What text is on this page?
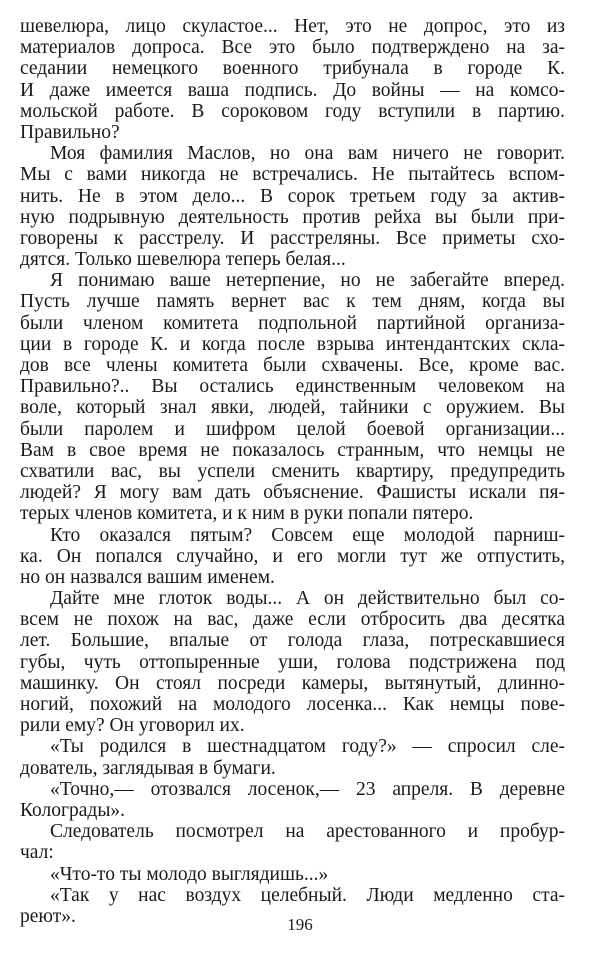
шевелюра, лицо скуластое... Нет, это не допрос, это из
материалов допроса. Все это было подтверждено на за-
седании немецкого военного трибунала в городе К.
И даже имеется ваша подпись. До войны — на комсо-
мольской работе. В сороковом году вступили в партию.
Правильно?
Моя фамилия Маслов, но она вам ничего не говорит.
Мы с вами никогда не встречались. Не пытайтесь вспом-
нить. Не в этом дело... В сорок третьем году за актив-
ную подрывную деятельность против рейха вы были при-
говорены к расстрелу. И расстреляны. Все приметы схо-
дятся. Только шевелюра теперь белая...
Я понимаю ваше нетерпение, но не забегайте вперед.
Пусть лучше память вернет вас к тем дням, когда вы
были членом комитета подпольной партийной организа-
ции в городе К. и когда после взрыва интендантских скла-
дов все члены комитета были схвачены. Все, кроме вас.
Правильно?.. Вы остались единственным человеком на
воле, который знал явки, людей, тайники с оружием. Вы
были паролем и шифром целой боевой организации...
Вам в свое время не показалось странным, что немцы не
схватили вас, вы успели сменить квартиру, предупредить
людей? Я могу вам дать объяснение. Фашисты искали пя-
терых членов комитета, и к ним в руки попали пятеро.
Кто оказался пятым? Совсем еще молодой парниш-
ка. Он попался случайно, и его могли тут же отпустить,
но он назвался вашим именем.
Дайте мне глоток воды... А он действительно был со-
всем не похож на вас, даже если отбросить два десятка
лет. Большие, впалые от голода глаза, потрескавшиеся
губы, чуть оттопыренные уши, голова подстрижена под
машинку. Он стоял посреди камеры, вытянутый, длинно-
ногий, похожий на молодого лосенка... Как немцы пове-
рили ему? Он уговорил их.
«Ты родился в шестнадцатом году?» — спросил сле-
дователь, заглядывая в бумаги.
«Точно,— отозвался лосенок,— 23 апреля. В деревне
Колограды».
Следователь посмотрел на арестованного и пробур-
чал:
«Что-то ты молодо выглядишь...»
«Так у нас воздух целебный. Люди медленно ста-
реют».	196
